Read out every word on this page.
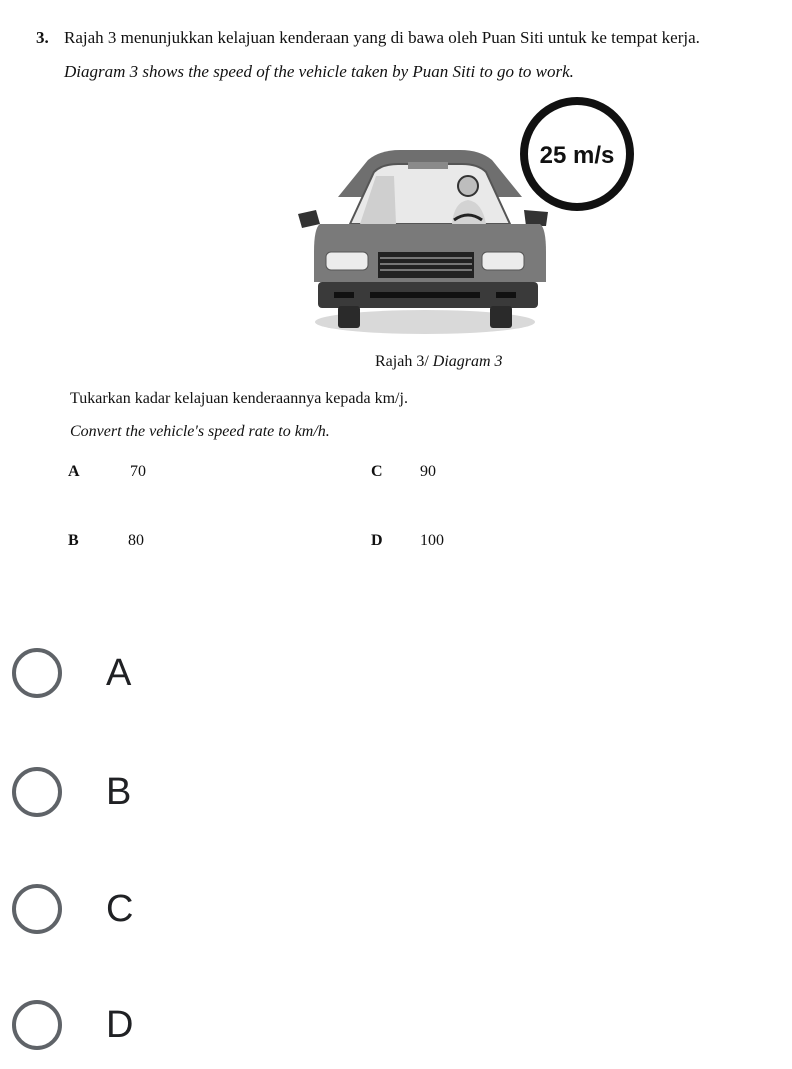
3. Rajah 3 menunjukkan kelajuan kenderaan yang di bawa oleh Puan Siti untuk ke tempat kerja.
Diagram 3 shows the speed of the vehicle taken by Puan Siti to go to work.
25 m/s
Rajah 3/ Diagram 3
Tukarkan kadar kelajuan kenderaannya kepada km/j.
Convert the vehicle's speed rate to km/h.
A	70	C 90
B	80	D 100
A
B
C
D
